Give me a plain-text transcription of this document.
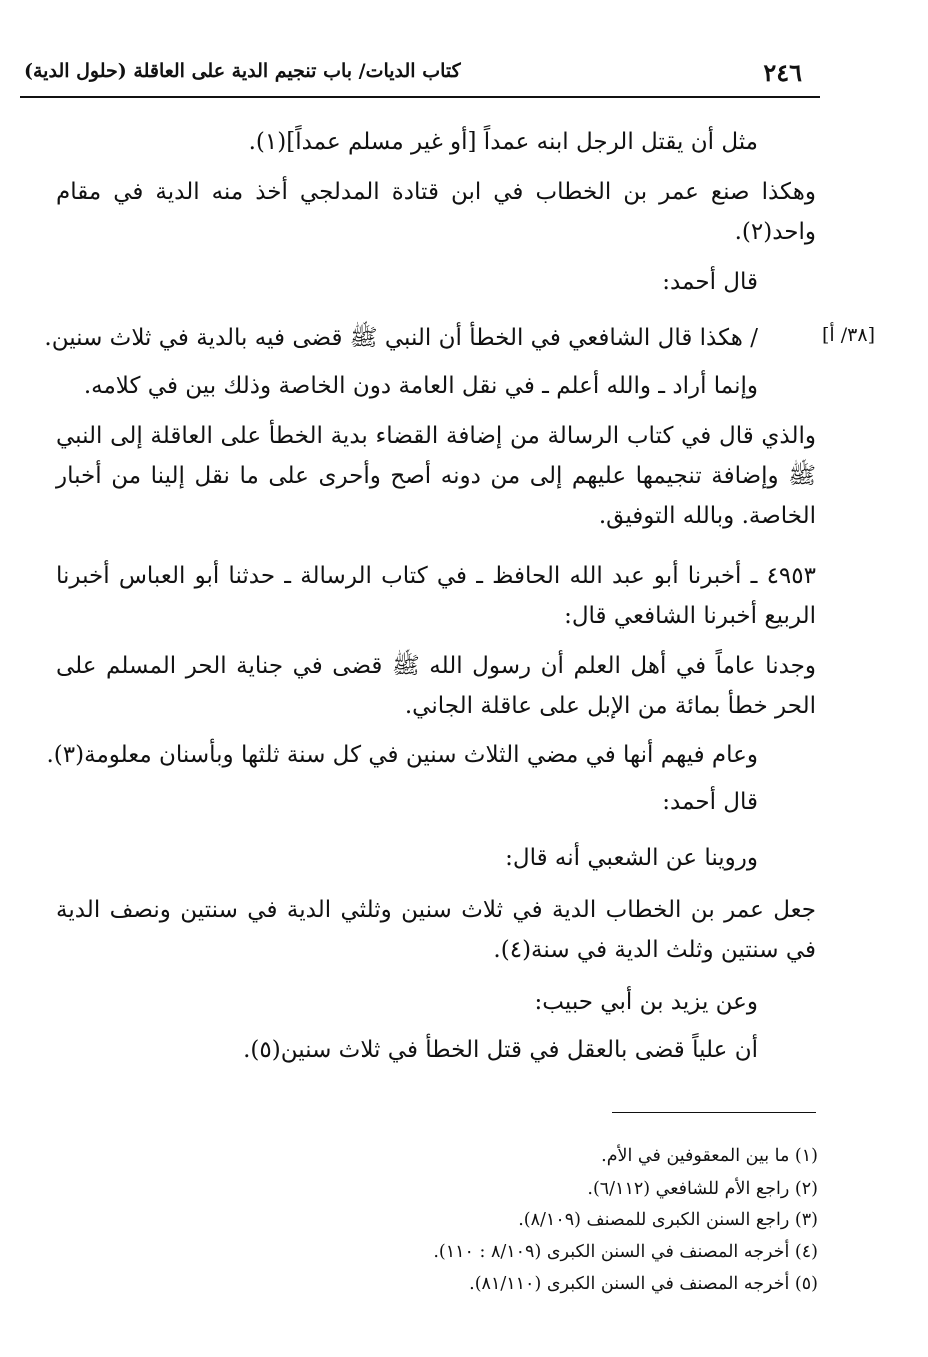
٢٤٦
كتاب الديات/ باب تنجيم الدية على العاقلة (حلول الدية)
[٣٨/ أ]

مثل أن يقتل الرجل ابنه عمداً [أو غير مسلم عمداً](١).

وهكذا صنع عمر بن الخطاب في ابن قتادة المدلجي أخذ منه الدية في مقام واحد(٢).

قال أحمد:

/ هكذا قال الشافعي في الخطأ أن النبي ﷺ قضى فيه بالدية في ثلاث سنين.

وإنما أراد ـ والله أعلم ـ في نقل العامة دون الخاصة وذلك بين في كلامه.

والذي قال في كتاب الرسالة من إضافة القضاء بدية الخطأ على العاقلة إلى النبي ﷺ وإضافة تنجيمها عليهم إلى من دونه أصح وأحرى على ما نقل إلينا من أخبار الخاصة. وبالله التوفيق.

٤٩٥٣ ـ أخبرنا أبو عبد الله الحافظ ـ في كتاب الرسالة ـ حدثنا أبو العباس أخبرنا الربيع أخبرنا الشافعي قال:

وجدنا عاماً في أهل العلم أن رسول الله ﷺ قضى في جناية الحر المسلم على الحر خطأ بمائة من الإبل على عاقلة الجاني.

وعام فيهم أنها في مضي الثلاث سنين في كل سنة ثلثها وبأسنان معلومة(٣).

قال أحمد:

وروينا عن الشعبي أنه قال:

جعل عمر بن الخطاب الدية في ثلاث سنين وثلثي الدية في سنتين ونصف الدية في سنتين وثلث الدية في سنة(٤).

وعن يزيد بن أبي حبيب:

أن علياً قضى بالعقل في قتل الخطأ في ثلاث سنين(٥).

(١) ما بين المعقوفين في الأم.
(٢) راجع الأم للشافعي (٦/١١٢).
(٣) راجع السنن الكبرى للمصنف (٨/١٠٩).
(٤) أخرجه المصنف في السنن الكبرى (٨/١٠٩ : ١١٠).
(٥) أخرجه المصنف في السنن الكبرى (٨١/١١٠).
